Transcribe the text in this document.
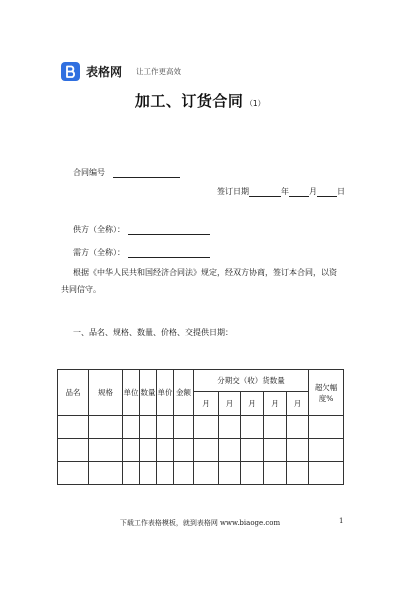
表格网 让工作更高效
加工、订货合同 （1）
合同编号
签订日期	年	月	日
供方（全称）：
需方（全称）：
根据《中华人民共和国经济合同法》规定，经双方协商，签订本合同，以资共同信守。
一、品名、规格、数量、价格、交提供日期：
品名	规格	单位	数量	单价	金额	分期交（收）货数量					超欠幅度%
						月	月	月	月	月	

下载工作表格模板，就到表格网 www.biaoge.com	1
